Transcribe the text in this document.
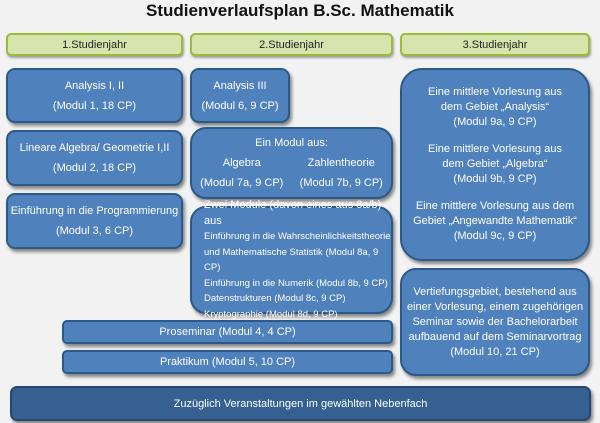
Studienverlaufsplan B.Sc. Mathematik
1.Studienjahr	2.Studienjahr	3.Studienjahr
Analysis I, II
(Modul 1, 18 CP)
Lineare Algebra/ Geometrie I,II
(Modul 2, 18 CP)
Einführung in die Programmierung
(Modul 3, 6 CP)
Analysis III
(Modul 6, 9 CP)
Ein Modul aus:
Algebra
(Modul 7a, 9 CP)
Zahlentheorie
(Modul 7b, 9 CP)
Zwei Module (davon eines aus 8a/b) aus
Einführung in die Wahrscheinlichkeitstheorie
und Mathematische Statistik (Modul 8a, 9 CP)
Einführung in die Numerik (Modul 8b, 9 CP)
Datenstrukturen (Modul 8c, 9 CP)
Kryptographie (Modul 8d, 9 CP)
Eine mittlere Vorlesung aus
dem Gebiet „Analysis“
(Modul 9a, 9 CP)
Eine mittlere Vorlesung aus
dem Gebiet „Algebra“
(Modul 9b, 9 CP)
Eine mittlere Vorlesung aus dem
Gebiet „Angewandte Mathematik“
(Modul 9c, 9 CP)
Vertiefungsgebiet, bestehend aus
einer Vorlesung, einem zugehörigen
Seminar sowie der Bachelorarbeit
aufbauend auf dem Seminarvortrag
(Modul 10, 21 CP)
Proseminar (Modul 4, 4 CP)
Praktikum (Modul 5, 10 CP)
Zuzüglich Veranstaltungen im gewählten Nebenfach
